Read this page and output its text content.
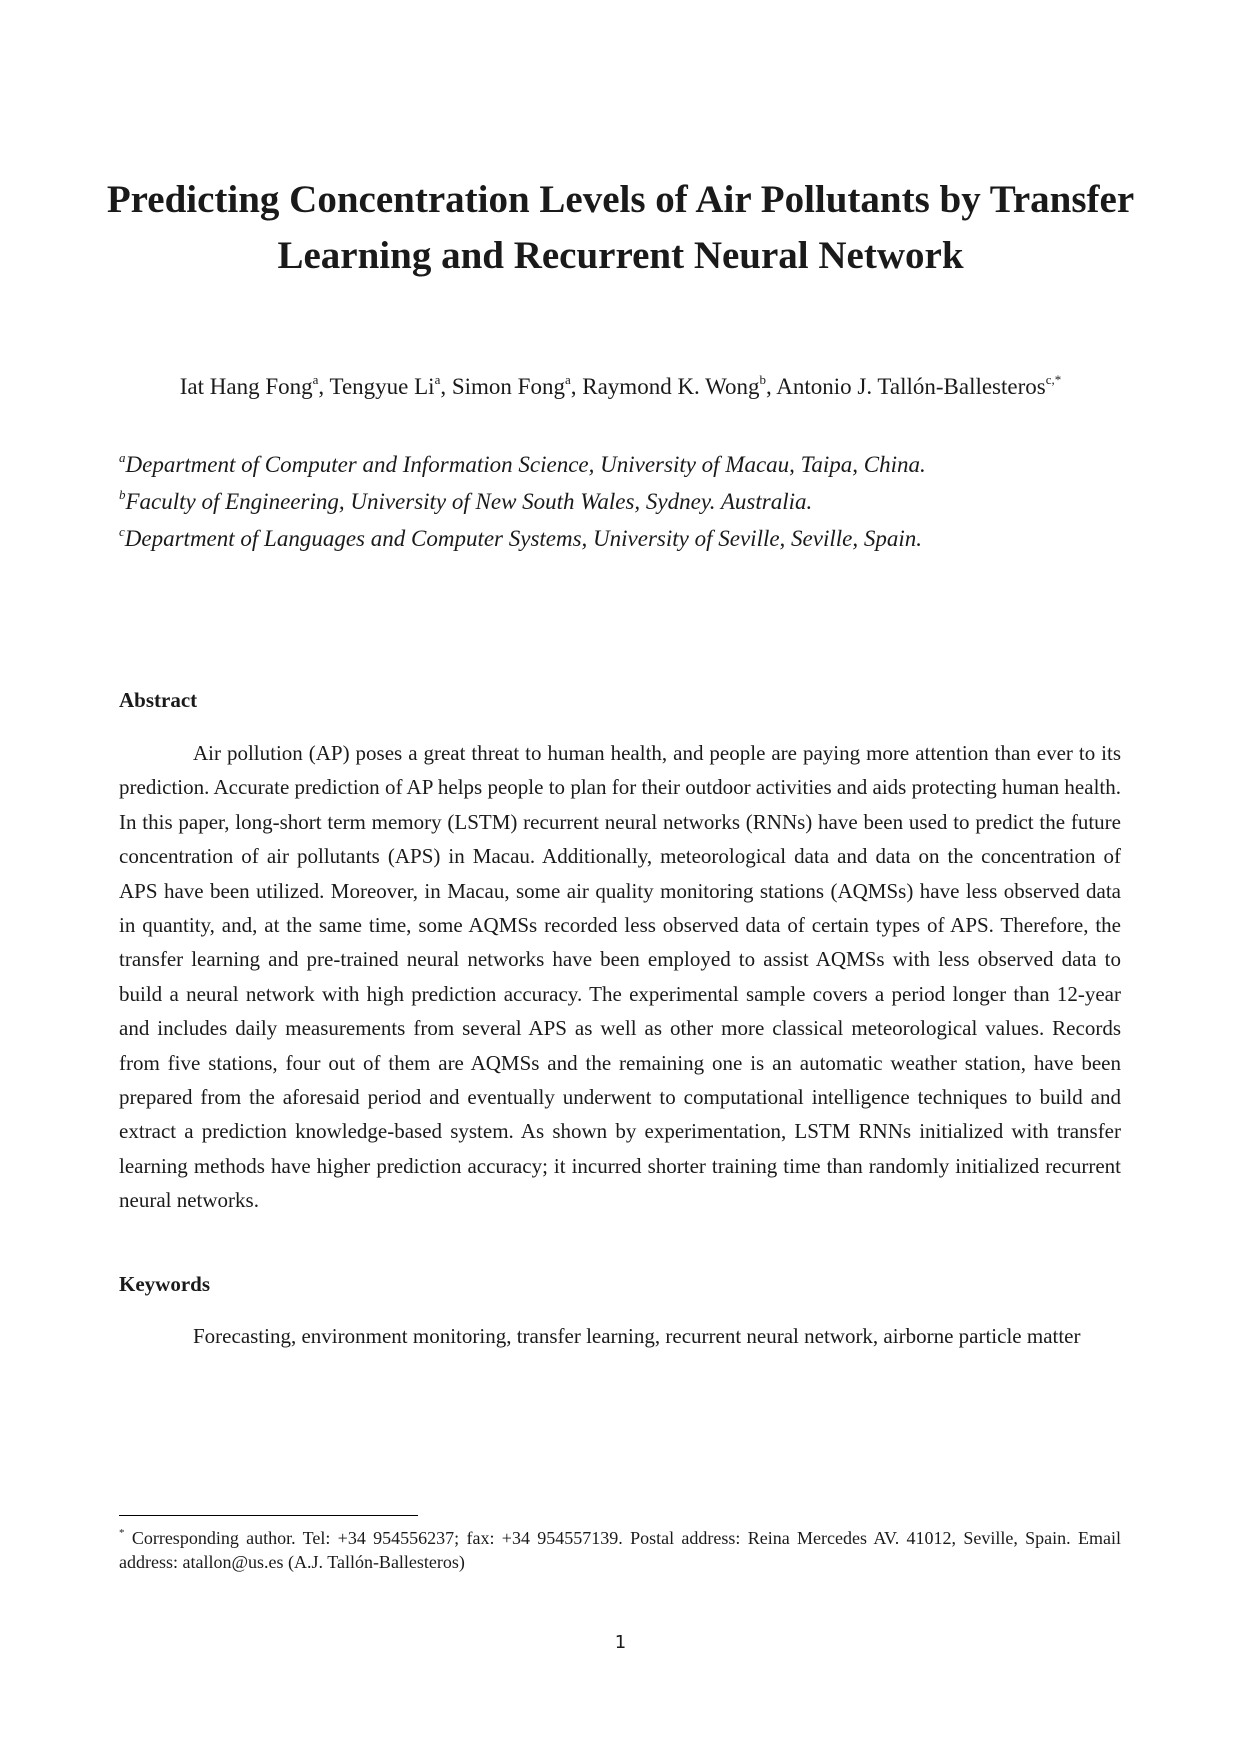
Predicting Concentration Levels of Air Pollutants by Transfer Learning and Recurrent Neural Network

Iat Hang Fong$^a$, Tengyue Li$^a$, Simon Fong$^a$, Raymond K. Wong$^b$, Antonio J. Tallón-Ballesteros$^{c,*}$

$^a$Department of Computer and Information Science, University of Macau, Taipa, China.
$^b$Faculty of Engineering, University of New South Wales, Sydney. Australia.
$^c$Department of Languages and Computer Systems, University of Seville, Seville, Spain.
Abstract

Air pollution (AP) poses a great threat to human health, and people are paying more attention than ever to its prediction. Accurate prediction of AP helps people to plan for their outdoor activities and aids protecting human health. In this paper, long-short term memory (LSTM) recurrent neural networks (RNNs) have been used to predict the future concentration of air pollutants (APS) in Macau. Additionally, meteorological data and data on the concentration of APS have been utilized. Moreover, in Macau, some air quality monitoring stations (AQMSs) have less observed data in quantity, and, at the same time, some AQMSs recorded less observed data of certain types of APS. Therefore, the transfer learning and pre-trained neural networks have been employed to assist AQMSs with less observed data to build a neural network with high prediction accuracy. The experimental sample covers a period longer than 12-year and includes daily measurements from several APS as well as other more classical meteorological values. Records from five stations, four out of them are AQMSs and the remaining one is an automatic weather station, have been prepared from the aforesaid period and eventually underwent to computational intelligence techniques to build and extract a prediction knowledge-based system. As shown by experimentation, LSTM RNNs initialized with transfer learning methods have higher prediction accuracy; it incurred shorter training time than randomly initialized recurrent neural networks.

Keywords

Forecasting, environment monitoring, transfer learning, recurrent neural network, airborne particle matter

* Corresponding author. Tel: +34 954556237; fax: +34 954557139. Postal address: Reina Mercedes AV. 41012, Seville, Spain. Email address: atallon@us.es (A.J. Tallón-Ballesteros)

1
